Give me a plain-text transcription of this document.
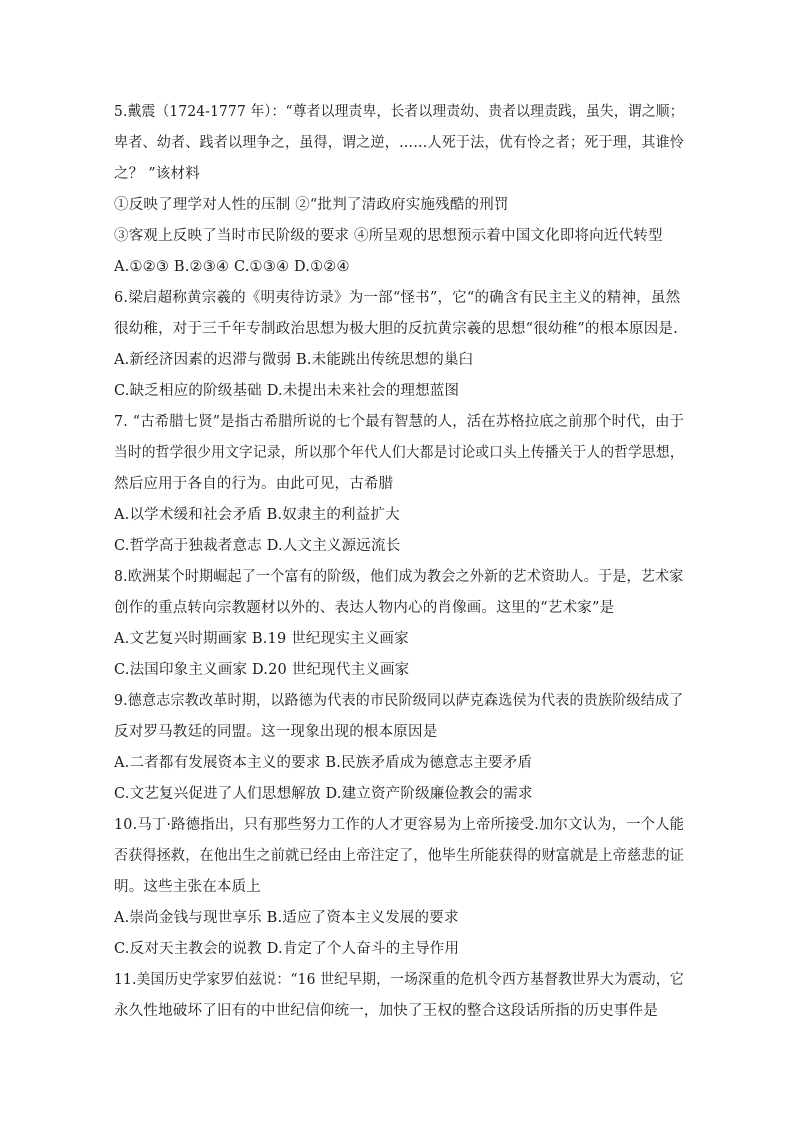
5.戴震（1724-1777 年）：“尊者以理责卑，长者以理责幼、贵者以理责践，虽失，谓之顺；
卑者、幼者、践者以理争之，虽得，谓之逆，……人死于法，优有怜之者；死于理，其谁怜
之？ ”该材料
①反映了理学对人性的压制 ②“批判了清政府实施残酷的刑罚
③客观上反映了当时市民阶级的要求 ④所呈观的思想预示着中国文化即将向近代转型
A.①②③ B.②③④ C.①③④ D.①②④
6.梁启超称黄宗羲的《明夷待访录》为一部“怪书”，它“的确含有民主主义的精神，虽然
很幼稚，对于三千年专制政治思想为极大胆的反抗黄宗羲的思想“很幼稚”的根本原因是.
A.新经济因素的迟滞与微弱 B.未能跳出传统思想的巢臼
C.缺乏相应的阶级基础 D.未提出未来社会的理想蓝图
7. “古希腊七贤”是指古希腊所说的七个最有智慧的人，活在苏格拉底之前那个时代，由于
当时的哲学很少用文字记录，所以那个年代人们大都是讨论或口头上传播关于人的哲学思想，
然后应用于各自的行为。由此可见，古希腊
A.以学术缓和社会矛盾 B.奴隶主的利益扩大
C.哲学高于独裁者意志 D.人文主义源远流长
8.欧洲某个时期崛起了一个富有的阶级，他们成为教会之外新的艺术资助人。于是，艺术家
创作的重点转向宗教题材以外的、表达人物内心的肖像画。这里的“艺术家”是
A.文艺复兴时期画家 B.19 世纪现实主义画家
C.法国印象主义画家 D.20 世纪现代主义画家
9.德意志宗教改革时期，以路德为代表的市民阶级同以萨克森选侯为代表的贵族阶级结成了
反对罗马教廷的同盟。这一现象出现的根本原因是
A.二者都有发展资本主义的要求 B.民族矛盾成为德意志主要矛盾
C.文艺复兴促进了人们思想解放 D.建立资产阶级廉俭教会的需求
10.马丁·路德指出，只有那些努力工作的人才更容易为上帝所接受.加尔文认为，一个人能
否获得拯救，在他出生之前就已经由上帝注定了，他毕生所能获得的财富就是上帝慈悲的证
明。这些主张在本质上
A.崇尚金钱与现世享乐 B.适应了资本主义发展的要求
C.反对天主教会的说教 D.肯定了个人奋斗的主导作用
11.美国历史学家罗伯兹说：“16 世纪早期，一场深重的危机令西方基督教世界大为震动，它
永久性地破坏了旧有的中世纪信仰统一，加快了王权的整合这段话所指的历史事件是
